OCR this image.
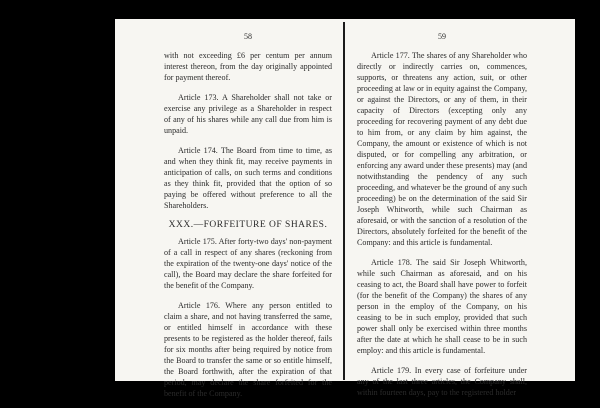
58

with not exceeding £6 per centum per annum interest thereon, from the day originally appointed for payment thereof.

Article 173. A Shareholder shall not take or exercise any privilege as a Shareholder in respect of any of his shares while any call due from him is unpaid.

Article 174. The Board from time to time, as and when they think fit, may receive payments in anticipation of calls, on such terms and conditions as they think fit, provided that the option of so paying be offered without preference to all the Shareholders.

XXX.—FORFEITURE OF SHARES.

Article 175. After forty-two days' non-payment of a call in respect of any shares (reckoning from the expiration of the twenty-one days' notice of the call), the Board may declare the share forfeited for the benefit of the Company.

Article 176. Where any person entitled to claim a share, and not having transferred the same, or entitled himself in accordance with these presents to be registered as the holder thereof, fails for six months after being required by notice from the Board to transfer the same or so entitle himself, the Board forthwith, after the expiration of that period, may declare the share forfeited for the benefit of the Company.

59

Article 177. The shares of any Shareholder who directly or indirectly carries on, commences, supports, or threatens any action, suit, or other proceeding at law or in equity against the Company, or against the Directors, or any of them, in their capacity of Directors (excepting only any proceeding for recovering payment of any debt due to him from, or any claim by him against, the Company, the amount or existence of which is not disputed, or for compelling any arbitration, or enforcing any award under these presents) may (and notwithstanding the pendency of any such proceeding, and whatever be the ground of any such proceeding) be on the determination of the said Sir Joseph Whitworth, while such Chairman as aforesaid, or with the sanction of a resolution of the Directors, absolutely forfeited for the benefit of the Company: and this article is fundamental.

Article 178. The said Sir Joseph Whitworth, while such Chairman as aforesaid, and on his ceasing to act, the Board shall have power to forfeit (for the benefit of the Company) the shares of any person in the employ of the Company, on his ceasing to be in such employ, provided that such power shall only be exercised within three months after the date at which he shall cease to be in such employ: and this article is fundamental.

Article 179. In every case of forfeiture under any of the last three articles, the Company shall, within fourteen days, pay to the registered holder
